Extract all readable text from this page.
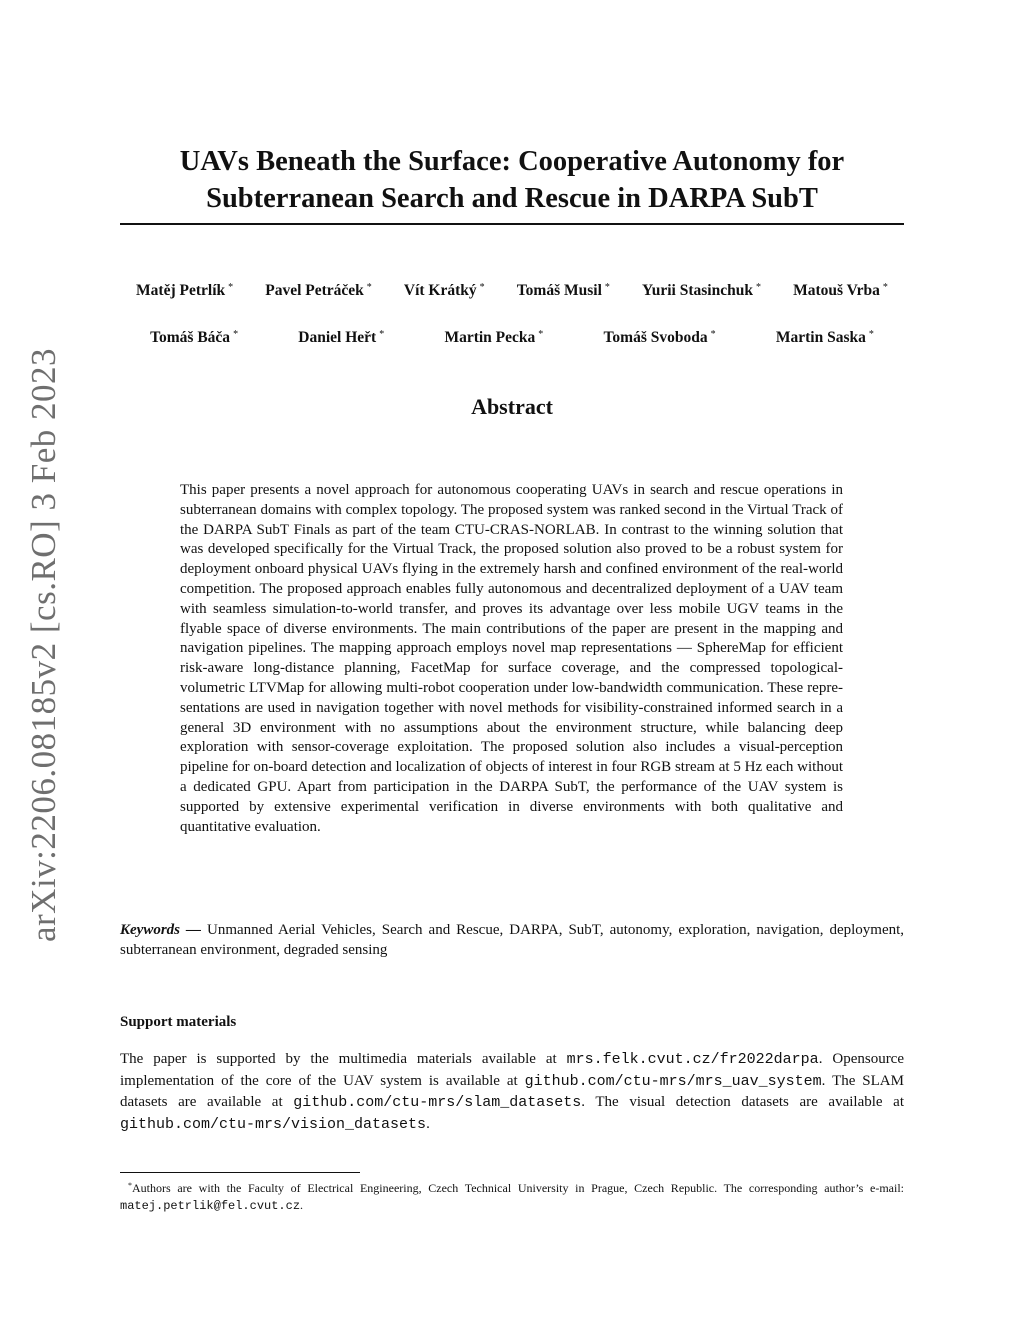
arXiv:2206.08185v2 [cs.RO] 3 Feb 2023
UAVs Beneath the Surface: Cooperative Autonomy for
Subterranean Search and Rescue in DARPA SubT
Matěj Petrlík * Pavel Petráček * Vít Krátký * Tomáš Musil * Yurii Stasinchuk * Matouš Vrba *
Tomáš Báča *	Daniel Heřt *	Martin Pecka *	Tomáš Svoboda *	Martin Saska *
Abstract
This paper presents a novel approach for autonomous cooperating UAVs in search and rescue operations in subterranean domains with complex topology. The proposed system was ranked second in the Virtual Track of the DARPA SubT Finals as part of the team CTU-CRAS-NORLAB. In contrast to the winning solution that was developed specifically for the Virtual Track, the proposed solution also proved to be a robust system for deployment onboard physical UAVs flying in the extremely harsh and confined environment of the real-world competition. The proposed approach enables fully autonomous and decentralized deployment of a UAV team with seamless simulation-to-world transfer, and proves its advantage over less mobile UGV teams in the flyable space of diverse environments. The main contributions of the paper are present in the mapping and navigation pipelines. The mapping approach employs novel map representations — SphereMap for efficient risk-aware long-distance planning, FacetMap for surface coverage, and the compressed topological-volumetric LTVMap for allowing multi-robot cooperation under low-bandwidth communication. These representations are used in navigation together with novel methods for visibility-constrained informed search in a general 3D environment with no assumptions about the environment structure, while balancing deep exploration with sensor-coverage exploitation. The proposed solution also includes a visual-perception pipeline for on-board detection and localization of objects of interest in four RGB stream at 5 Hz each without a dedicated GPU. Apart from participation in the DARPA SubT, the performance of the UAV system is supported by extensive experimental verification in diverse environments with both qualitative and quantitative evaluation.
Keywords — Unmanned Aerial Vehicles, Search and Rescue, DARPA, SubT, autonomy, exploration, navigation, deployment, subterranean environment, degraded sensing
Support materials
The paper is supported by the multimedia materials available at mrs.felk.cvut.cz/fr2022darpa. Opensource implementation of the core of the UAV system is available at github.com/ctu-mrs/mrs_uav_system. The SLAM datasets are available at github.com/ctu-mrs/slam_datasets. The visual detection datasets are available at github.com/ctu-mrs/vision_datasets.
*Authors are with the Faculty of Electrical Engineering, Czech Technical University in Prague, Czech Republic. The corresponding author’s e-mail: matej.petrlik@fel.cvut.cz.
